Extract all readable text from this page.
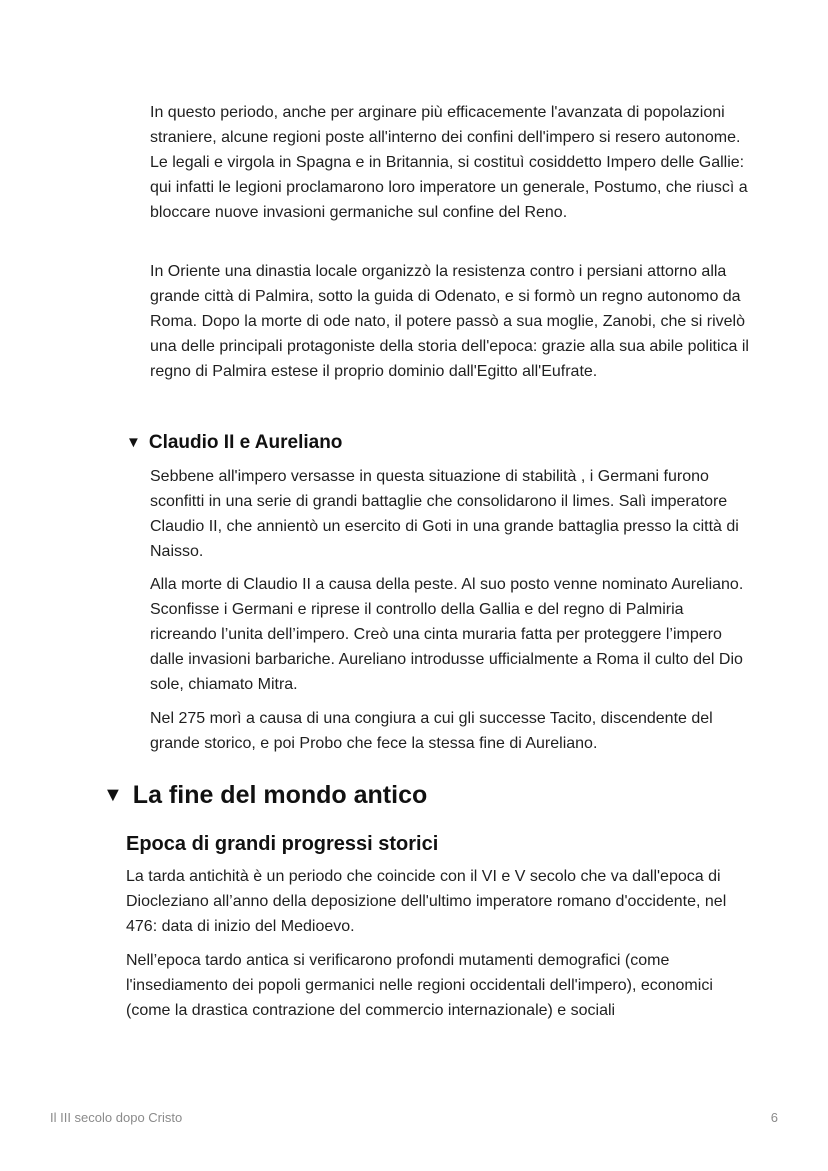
In questo periodo, anche per arginare più efficacemente l'avanzata di popolazioni straniere, alcune regioni poste all'interno dei confini dell'impero si resero autonome. Le legali e virgola in Spagna e in Britannia, si costituì cosiddetto Impero delle Gallie: qui infatti le legioni proclamarono loro imperatore un generale, Postumo, che riuscì a bloccare nuove invasioni germaniche sul confine del Reno.

In Oriente una dinastia locale organizzò la resistenza contro i persiani attorno alla grande città di Palmira, sotto la guida di Odenato, e si formò un regno autonomo da Roma. Dopo la morte di ode nato, il potere passò a sua moglie, Zanobi, che si rivelò una delle principali protagoniste della storia dell'epoca: grazie alla sua abile politica il regno di Palmira estese il proprio dominio dall'Egitto all'Eufrate.

▼ Claudio II e Aureliano

Sebbene all'impero versasse in questa situazione di stabilità , i Germani furono sconfitti in una serie di grandi battaglie che consolidarono il limes. Salì imperatore Claudio II, che annientò un esercito di Goti in una grande battaglia presso la città di Naisso.

Alla morte di Claudio II a causa della peste. Al suo posto venne nominato Aureliano. Sconfisse i Germani e riprese il controllo della Gallia e del regno di Palmiria ricreando l’unita dell’impero. Creò una cinta muraria fatta per proteggere l’impero dalle invasioni barbariche. Aureliano introdusse ufficialmente a Roma il culto del Dio sole, chiamato Mitra.

Nel 275 morì a causa di una congiura a cui gli successe Tacito, discendente del grande storico, e poi Probo che fece la stessa fine di Aureliano.

▼ La fine del mondo antico
Epoca di grandi progressi storici

La tarda antichità è un periodo che coincide con il VI e V secolo che va dall'epoca di Diocleziano all’anno della deposizione dell'ultimo imperatore romano d'occidente, nel 476: data di inizio del Medioevo.

Nell’epoca tardo antica si verificarono profondi mutamenti demografici (come l'insediamento dei popoli germanici nelle regioni occidentali dell'impero), economici (come la drastica contrazione del commercio internazionale) e sociali

Il III secolo dopo Cristo	6
